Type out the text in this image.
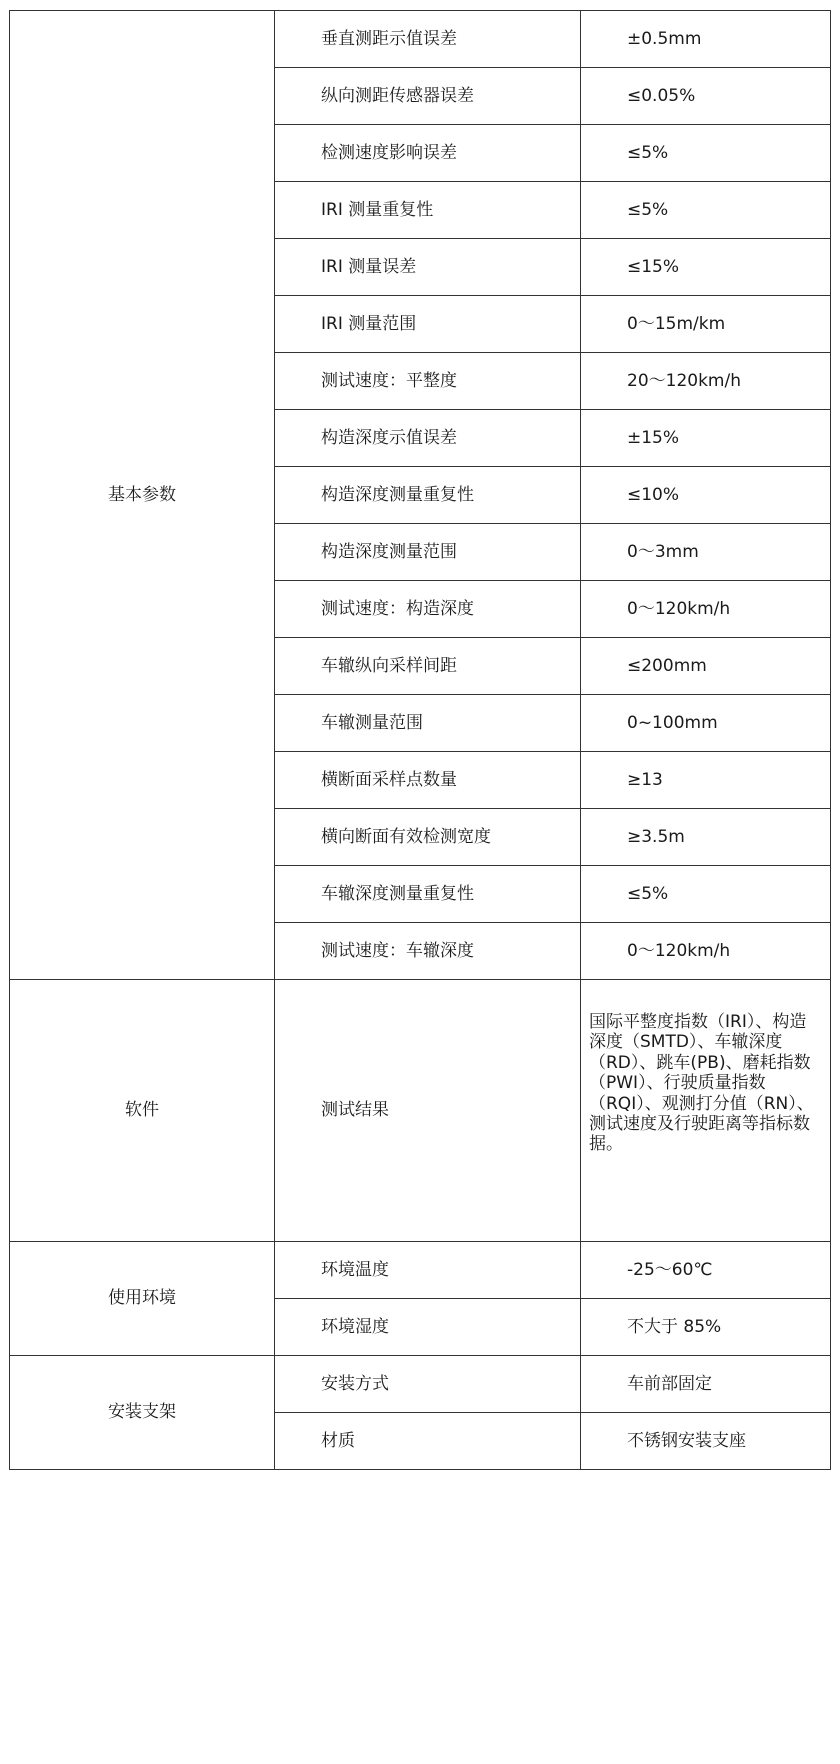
基本参数	垂直测距示值误差	±0.5mm
	纵向测距传感器误差	≤0.05%
	检测速度影响误差	≤5%
	IRI 测量重复性	≤5%
	IRI 测量误差	≤15%
	IRI 测量范围	0～15m/km
	测试速度：平整度	20～120km/h
	构造深度示值误差	±15%
	构造深度测量重复性	≤10%
	构造深度测量范围	0～3mm
	测试速度：构造深度	0～120km/h
	车辙纵向采样间距	≤200mm
	车辙测量范围	0~100mm
	横断面采样点数量	≥13
	横向断面有效检测宽度	≥3.5m
	车辙深度测量重复性	≤5%
	测试速度：车辙深度	0～120km/h
软件	测试结果	国际平整度指数（IRI）、构造深度（SMTD）、车辙深度（RD）、跳车(PB)、磨耗指数（PWI）、行驶质量指数（RQI）、观测打分值（RN）、测试速度及行驶距离等指标数据。
使用环境	环境温度	-25～60℃
	环境湿度	不大于 85%
安装支架	安装方式	车前部固定
	材质	不锈钢安装支座
